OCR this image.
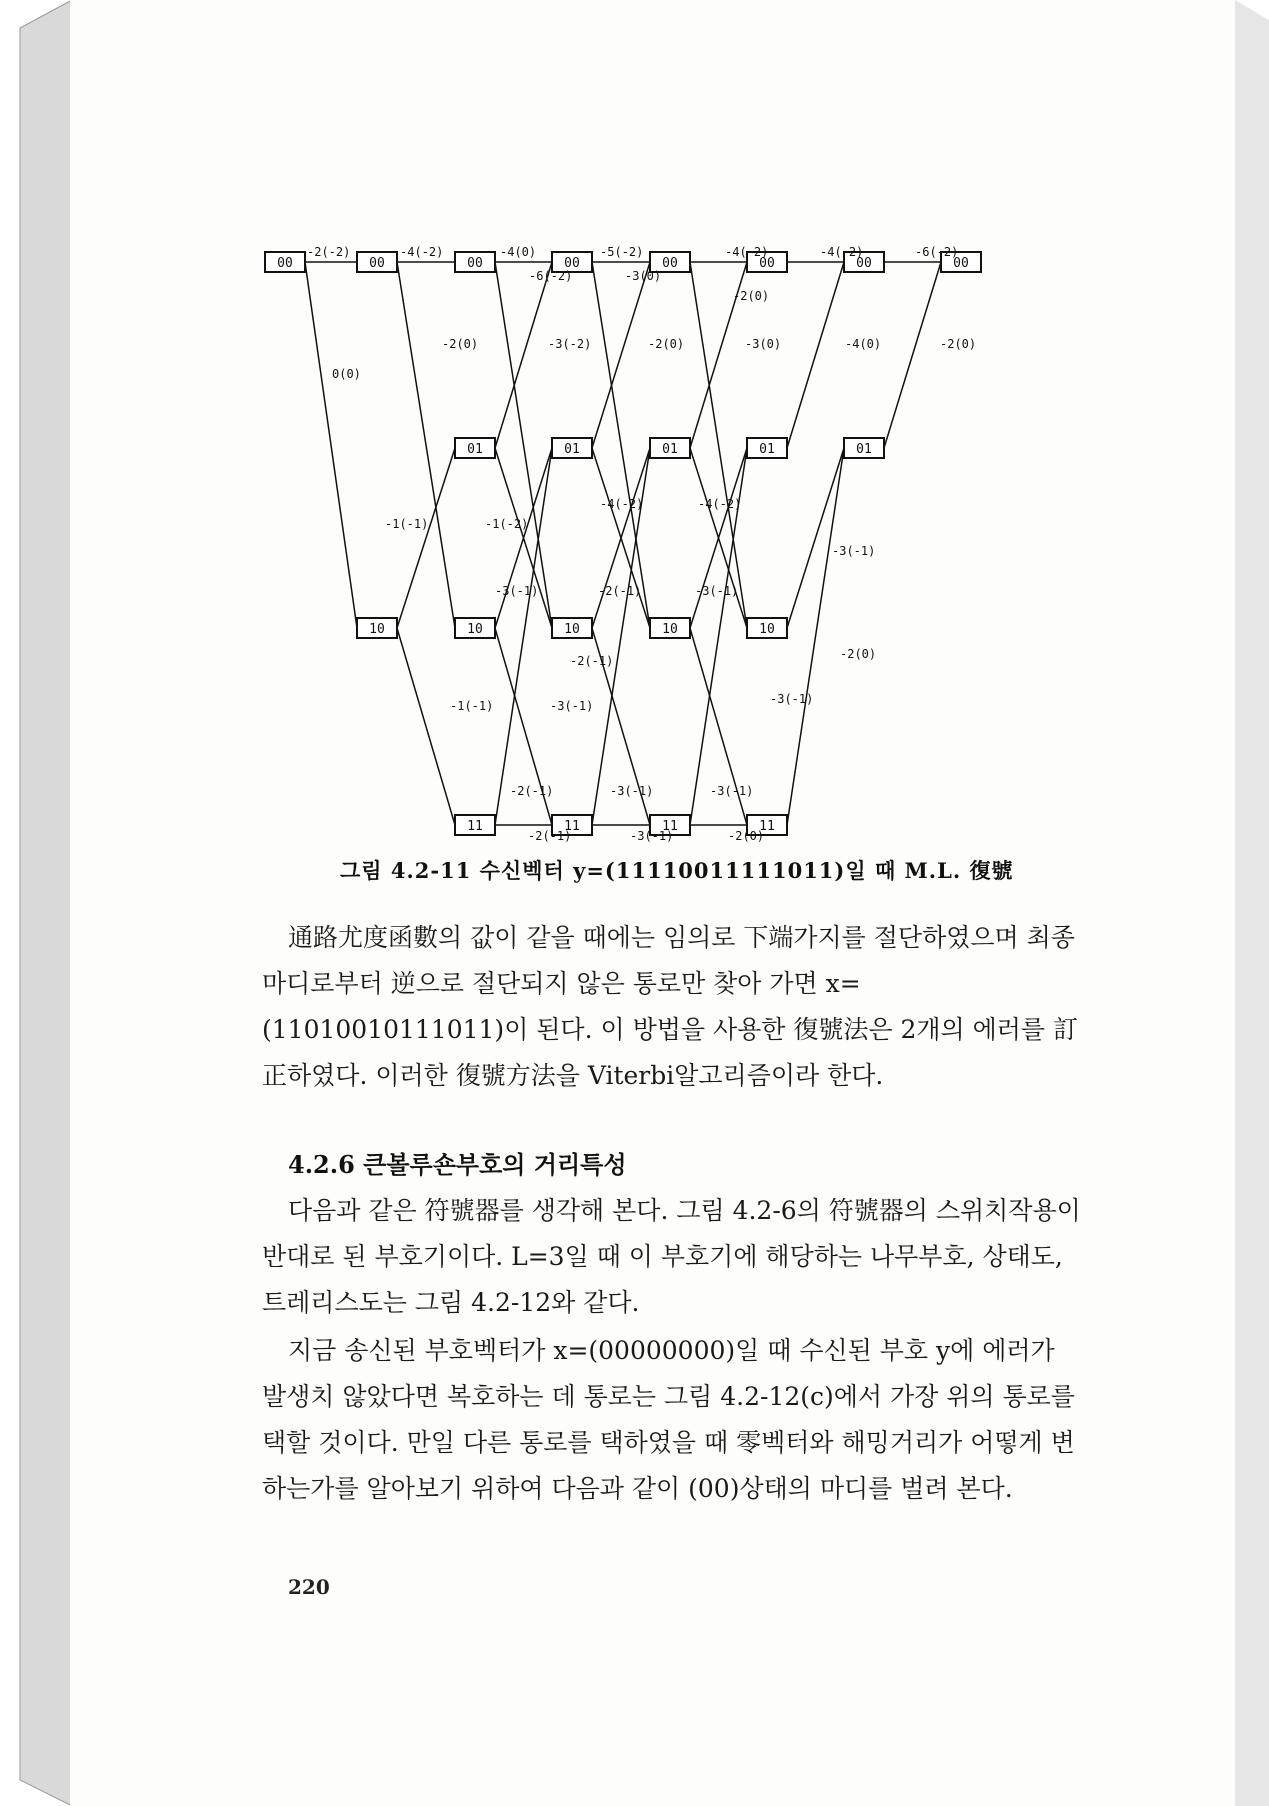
00	00
10
00
01
10
11
00
01
10
11
00
01
10
11
00
01
10
11
00
01
00
-2(-2)	-4(-2)	-4(0)
-6(-2)
-5(-2)
-3(0)
-4(-2)
-2(0)
-4(-2)	-6(-2)
0(0)
-2(0)	-3(-2)	-2(0)	-3(0)	-4(0)	-2(0)
-1(-1)	-1(-2)
-4(-2)	-4(-2)
-3(-1)
-3(-1)	-2(-1)	-3(-1)
-2(-1)	-2(0)
-1(-1)	-3(-1)	-3(-1)
-2(-1)	-3(-1)	-3(-1)
-2(-1)	-3(-1)	-2(0)
그림 4.2-11 수신벡터 y=(11110011111011)일 때 M.L. 復號

通路尤度函數의 값이 같을 때에는 임의로 下端가지를 절단하였으며 최종마디로부터 逆으로 절단되지 않은 통로만 찾아 가면 x=(11010010111011)이 된다. 이 방법을 사용한 復號法은 2개의 에러를 訂正하였다. 이러한 復號方法을 Viterbi알고리즘이라 한다.

4.2.6 큰볼루숀부호의 거리특성

다음과 같은 符號器를 생각해 본다. 그림 4.2-6의 符號器의 스위치작용이 반대로 된 부호기이다. L=3일 때 이 부호기에 해당하는 나무부호, 상태도, 트레리스도는 그림 4.2-12와 같다.

지금 송신된 부호벡터가 x=(00000000)일 때 수신된 부호 y에 에러가 발생치 않았다면 복호하는 데 통로는 그림 4.2-12(c)에서 가장 위의 통로를 택할 것이다. 만일 다른 통로를 택하였을 때 零벡터와 해밍거리가 어떻게 변하는가를 알아보기 위하여 다음과 같이 (00)상태의 마디를 벌려 본다.

220
